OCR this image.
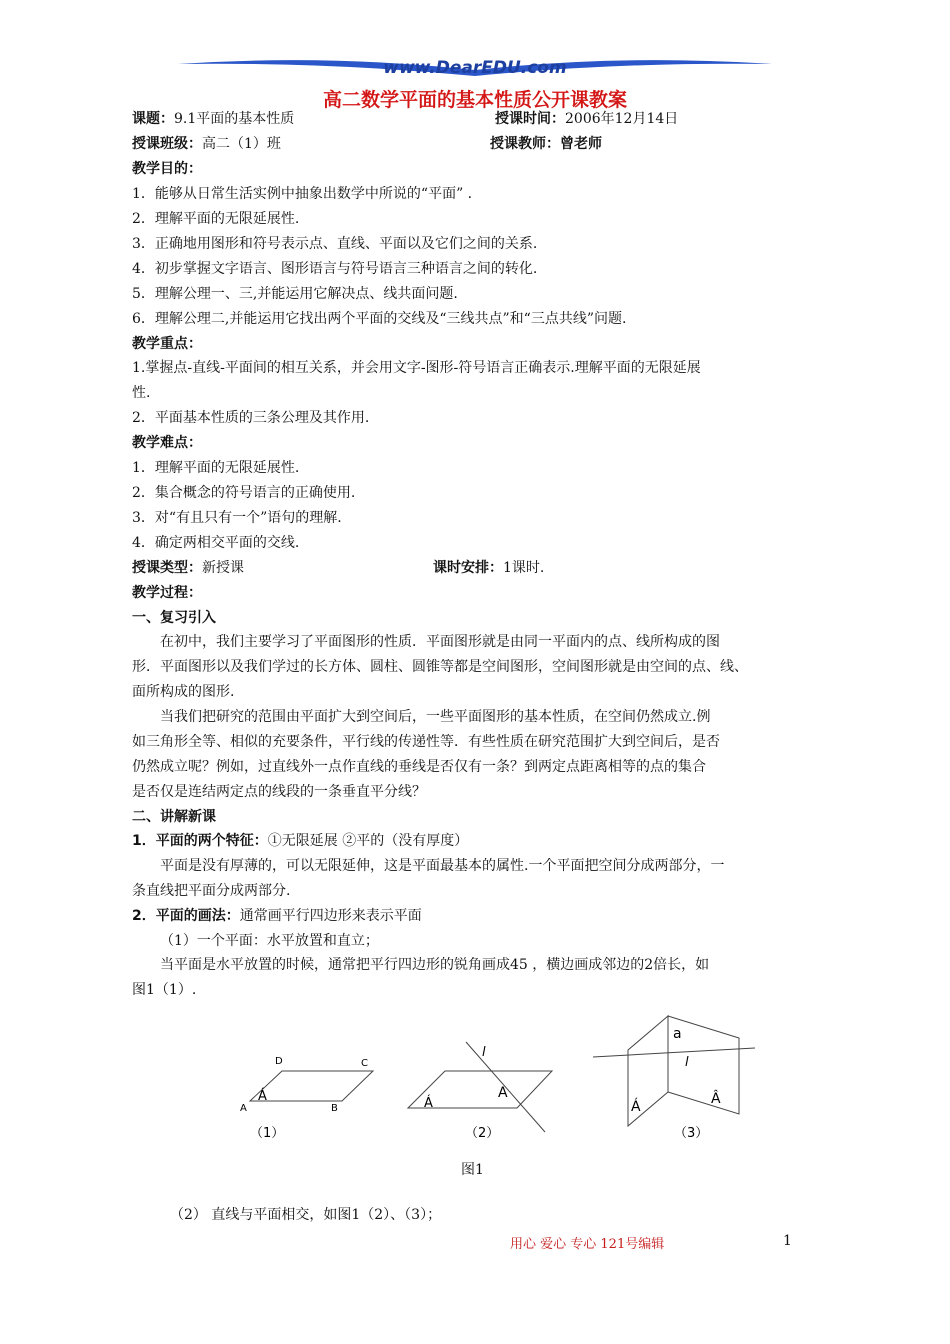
www.DearEDU.com
高二数学平面的基本性质公开课教案
课题：9.1平面的基本性质	授课时间：2006年12月14日
授课班级：高二（1）班	授课教师：曾老师
教学目的：
1．能够从日常生活实例中抽象出数学中所说的“平面” .
2．理解平面的无限延展性.
3．正确地用图形和符号表示点、直线、平面以及它们之间的关系.
4．初步掌握文字语言、图形语言与符号语言三种语言之间的转化.
5．理解公理一、三,并能运用它解决点、线共面问题.
6．理解公理二,并能运用它找出两个平面的交线及“三线共点”和“三点共线”问题.
教学重点：
1.掌握点-直线-平面间的相互关系，并会用文字-图形-符号语言正确表示.理解平面的无限延展
性.
2．平面基本性质的三条公理及其作用.
教学难点：
1．理解平面的无限延展性.
2．集合概念的符号语言的正确使用.
3．对“有且只有一个”语句的理解.
4．确定两相交平面的交线.
授课类型：新授课	课时安排：1课时.
教学过程：
一、复习引入
在初中，我们主要学习了平面图形的性质．平面图形就是由同一平面内的点、线所构成的图
形．平面图形以及我们学过的长方体、圆柱、圆锥等都是空间图形，空间图形就是由空间的点、线、
面所构成的图形.
当我们把研究的范围由平面扩大到空间后，一些平面图形的基本性质，在空间仍然成立.例
如三角形全等、相似的充要条件，平行线的传递性等．有些性质在研究范围扩大到空间后，是否
仍然成立呢？例如，过直线外一点作直线的垂线是否仅有一条？到两定点距离相等的点的集合
是否仅是连结两定点的线段的一条垂直平分线？
二、讲解新课
1．平面的两个特征：①无限延展 ②平的（没有厚度）
平面是没有厚薄的，可以无限延伸，这是平面最基本的属性.一个平面把空间分成两部分，一
条直线把平面分成两部分.
2．平面的画法：通常画平行四边形来表示平面
（1）一个平面：水平放置和直立；
当平面是水平放置的时候，通常把平行四边形的锐角画成45 ，横边画成邻边的2倍长，如
图1（1）.
D	C
A	B
Á
（1）
l
A
Á
（2）
a
l
Á	Â
（3）
图1
（2） 直线与平面相交，如图1（2）、（3）；
用心 爱心 专心 121号编辑	1
